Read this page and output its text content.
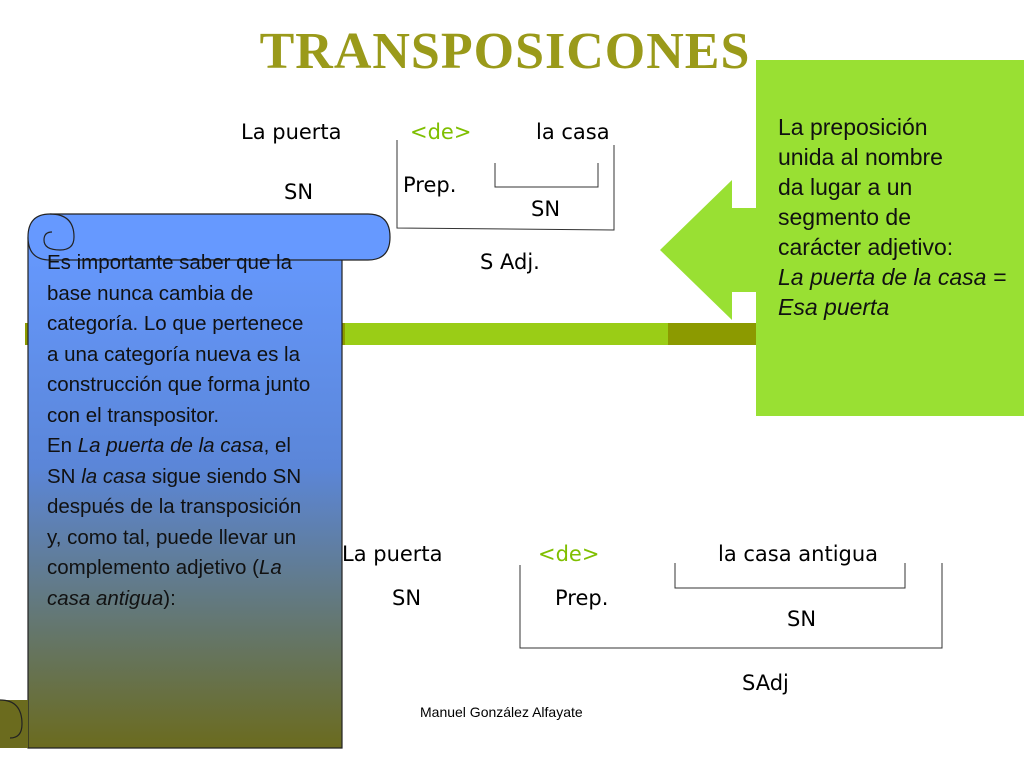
TRANSPOSICONES
La puerta	<de>	la casa
SN	Prep.
SN
S Adj.
La puerta	<de>	la casa antigua
SN	Prep.
SN
SAdj
La preposición
unida al nombre
da lugar a un
segmento de
carácter adjetivo:
La puerta de la casa = Esa puerta
Es importante saber que la base nunca cambia de categoría. Lo que pertenece a una categoría nueva es la construcción que forma junto con el transpositor.
En La puerta de la casa, el SN la casa sigue siendo SN después de la transposición y, como tal, puede llevar un complemento adjetivo (La casa antigua):
Manuel González Alfayate
